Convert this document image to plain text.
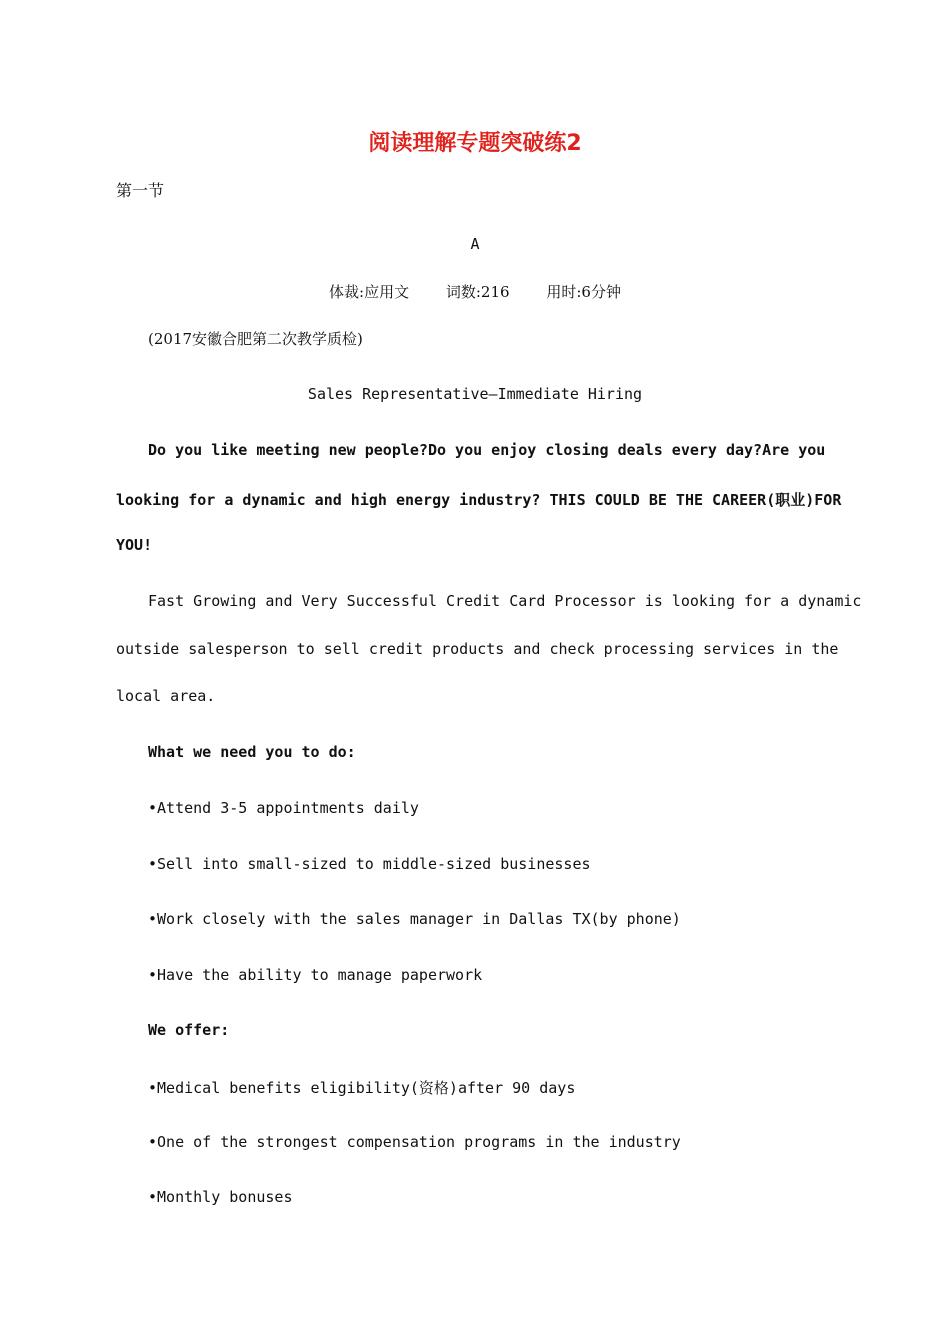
阅读理解专题突破练2
第一节
A
体裁:应用文 词数:216 用时:6分钟
(2017安徽合肥第二次教学质检)
Sales Representative—Immediate Hiring
Do you like meeting new people?Do you enjoy closing deals every day?Are you
looking for a dynamic and high energy industry? THIS COULD BE THE CAREER(职业)FOR
YOU!
Fast Growing and Very Successful Credit Card Processor is looking for a dynamic
outside salesperson to sell credit products and check processing services in the
local area.
What we need you to do:
•Attend 3-5 appointments daily
•Sell into small-sized to middle-sized businesses
•Work closely with the sales manager in Dallas TX(by phone)
•Have the ability to manage paperwork
We offer:
•Medical benefits eligibility(资格)after 90 days
•One of the strongest compensation programs in the industry
•Monthly bonuses
